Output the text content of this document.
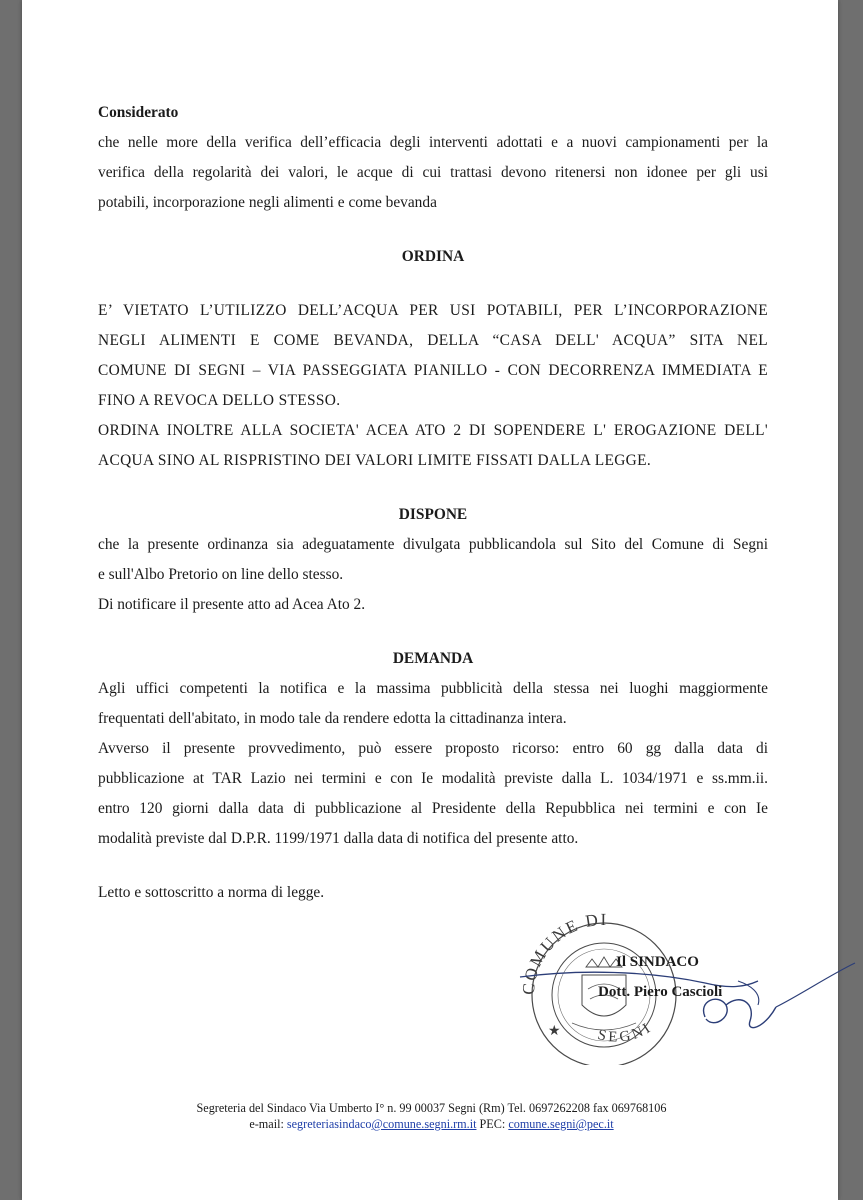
Considerato

che nelle more della verifica dell’efficacia degli interventi adottati e a nuovi campionamenti per la

verifica della regolarità dei valori, le acque di cui trattasi devono ritenersi non idonee per gli usi

potabili, incorporazione negli alimenti e come bevanda

ORDINA

E’ VIETATO L’UTILIZZO DELL’ACQUA PER USI POTABILI, PER L’INCORPORAZIONE

NEGLI ALIMENTI E COME BEVANDA, DELLA “CASA DELL' ACQUA” SITA NEL

COMUNE DI SEGNI – VIA PASSEGGIATA PIANILLO - CON DECORRENZA IMMEDIATA E

FINO A REVOCA DELLO STESSO.

ORDINA INOLTRE ALLA SOCIETA' ACEA ATO 2 DI SOPENDERE L' EROGAZIONE DELL'

ACQUA SINO AL RISPRISTINO DEI VALORI LIMITE FISSATI DALLA LEGGE.

DISPONE

che la presente ordinanza sia adeguatamente divulgata pubblicandola sul Sito del Comune di Segni

e sull'Albo Pretorio on line dello stesso.

Di notificare il presente atto ad Acea Ato 2.

DEMANDA

Agli uffici competenti la notifica e la massima pubblicità della stessa nei luoghi maggiormente

frequentati dell'abitato, in modo tale da rendere edotta la cittadinanza intera.

Avverso il presente provvedimento, può essere proposto ricorso: entro 60 gg dalla data di

pubblicazione at TAR Lazio nei termini e con Ie modalità previste dalla L. 1034/1971 e ss.mm.ii.

entro 120 giorni dalla data di pubblicazione al Presidente della Repubblica nei termini e con Ie

modalità previste dal D.P.R. 1199/1971 dalla data di notifica del presente atto.

Letto e sottoscritto a norma di legge.

COMUNE DI
SEGNI
★
Il SINDACO
Dott. Piero Cascioli
Segreteria del Sindaco Via Umberto I° n. 99 00037 Segni (Rm) Tel. 0697262208 fax 069768106
e-mail: segreteriasindaco@comune.segni.rm.it PEC: comune.segni@pec.it
